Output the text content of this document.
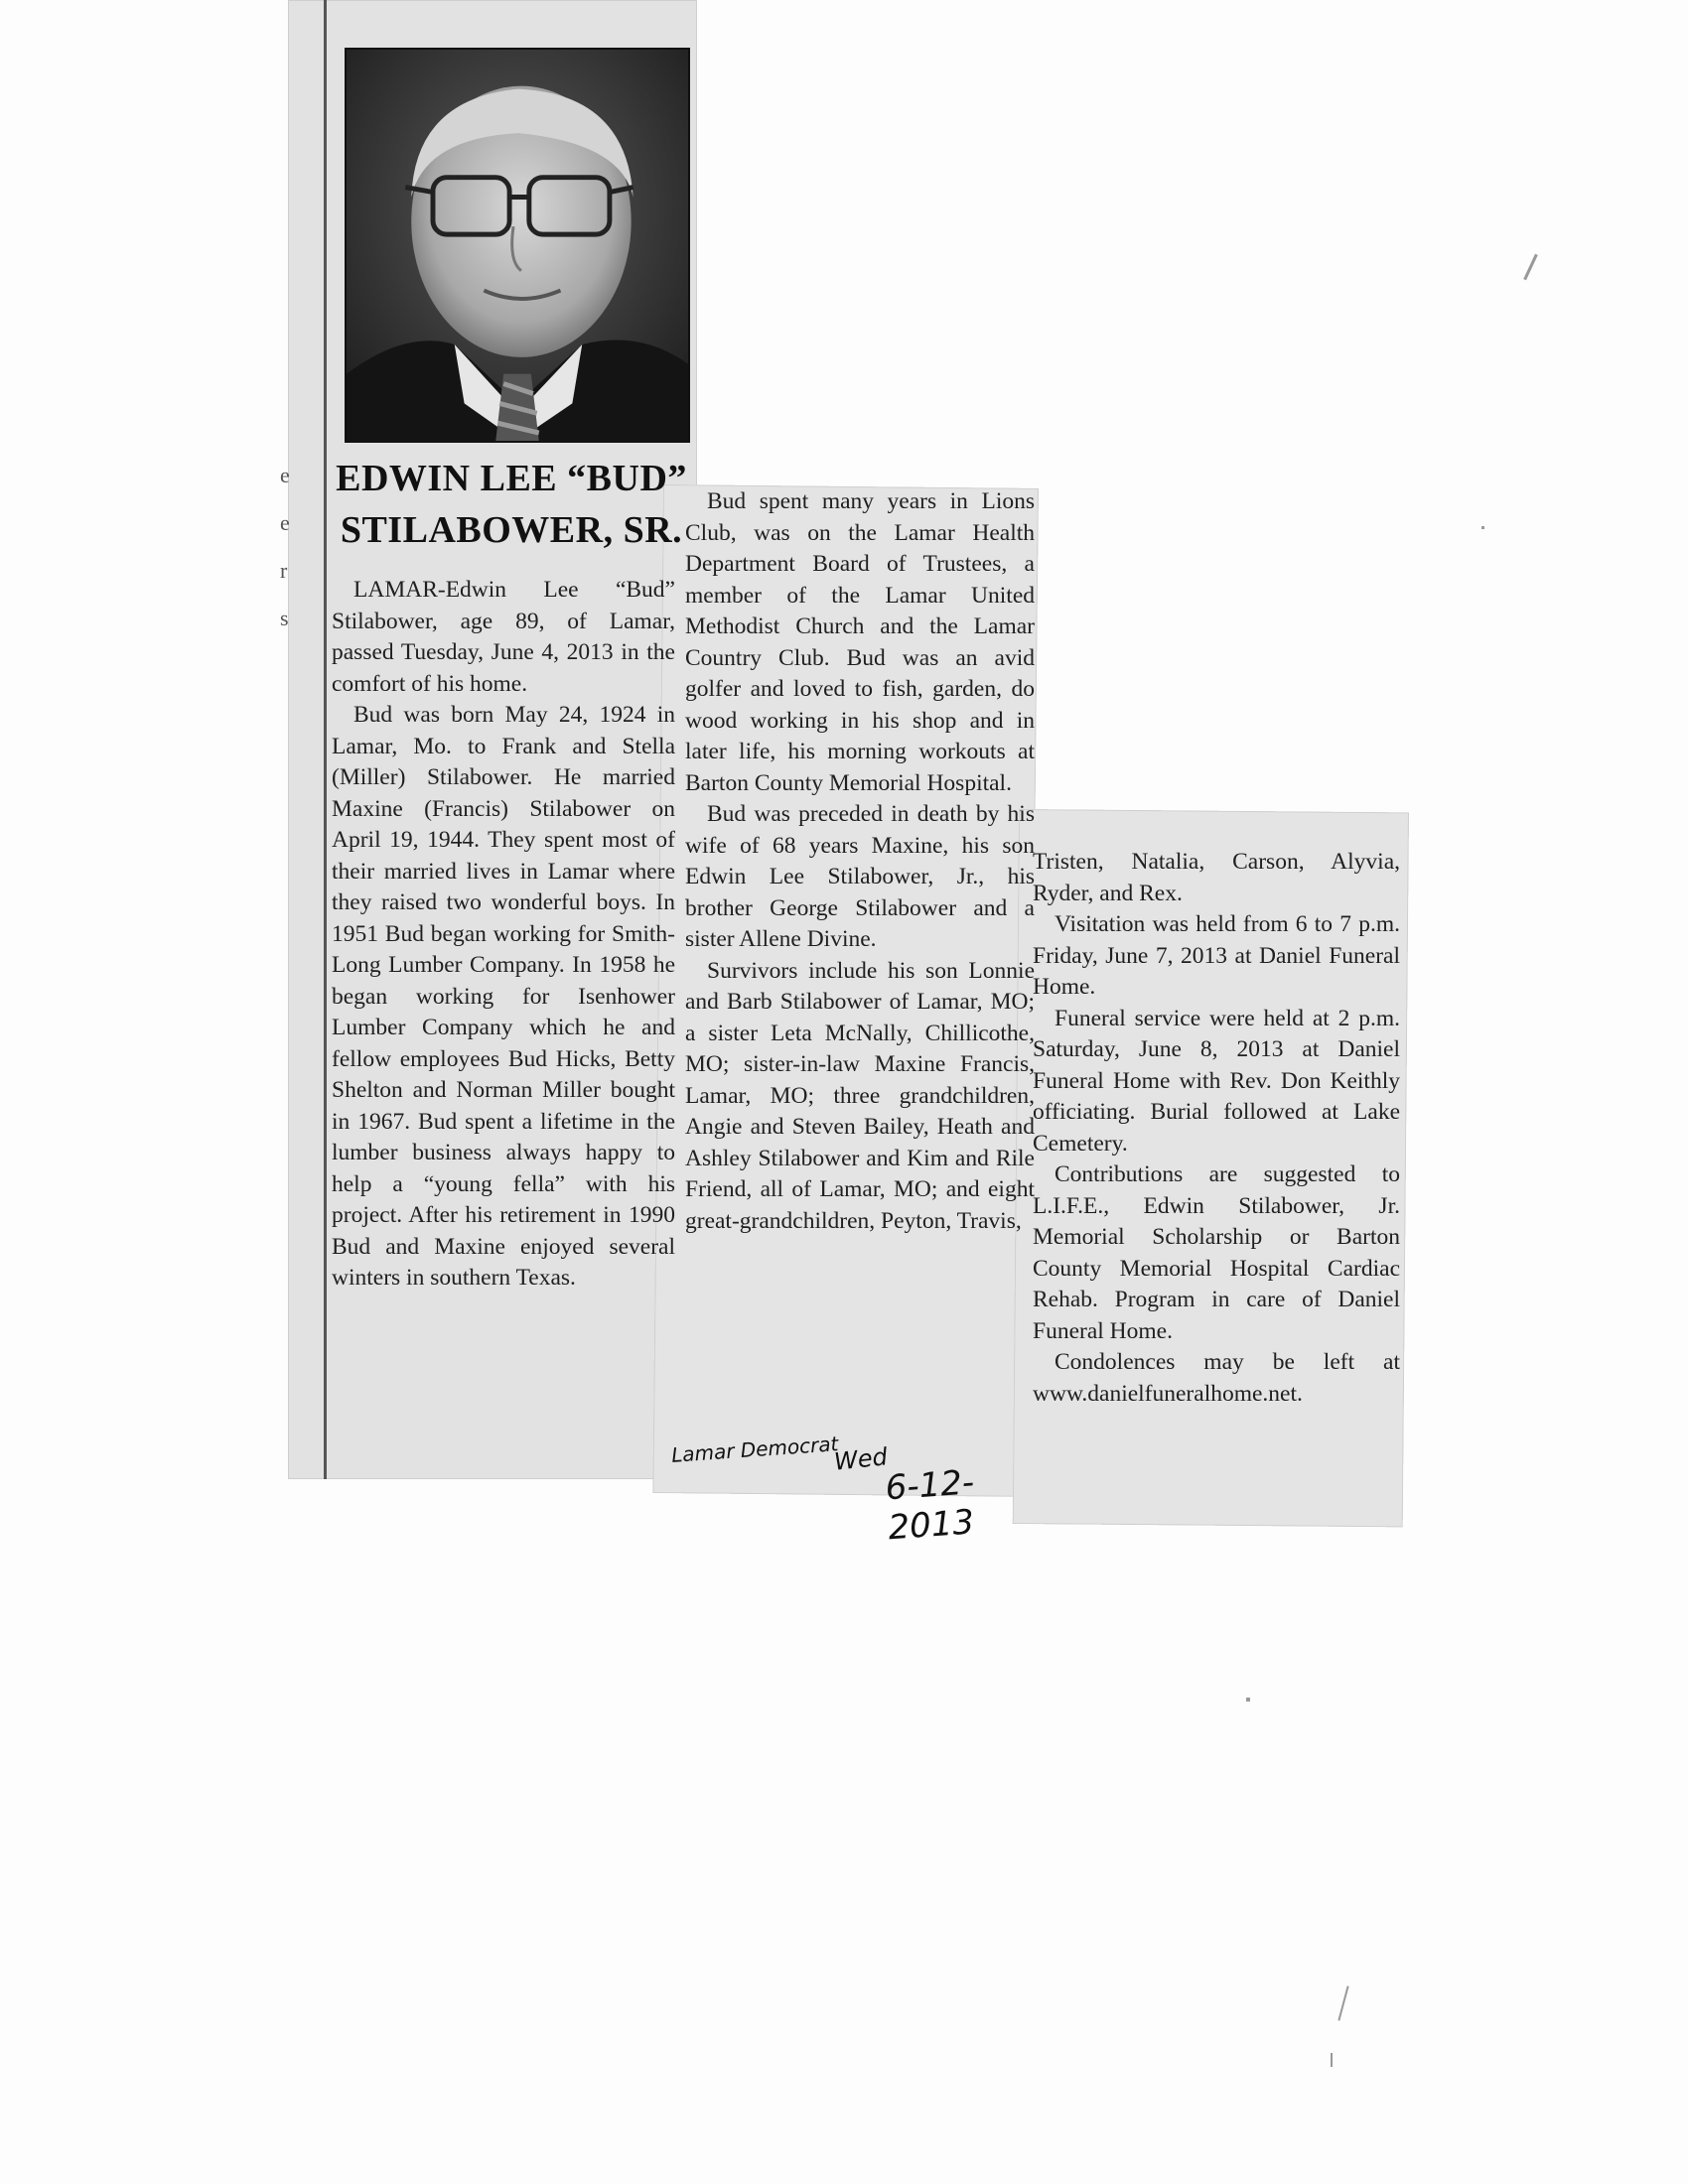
e
e
r
s
EDWIN LEE “BUD”
STILABOWER, SR.

LAMAR-Edwin Lee “Bud” Stilabower, age 89, of Lamar, passed Tuesday, June 4, 2013 in the comfort of his home.

Bud was born May 24, 1924 in Lamar, Mo. to Frank and Stella (Miller) Stilabower. He married Maxine (Francis) Stilabower on April 19, 1944. They spent most of their married lives in Lamar where they raised two wonderful boys. In 1951 Bud began working for Smith-Long Lumber Company. In 1958 he began working for Isenhower Lumber Company which he and fellow employees Bud Hicks, Betty Shelton and Norman Miller bought in 1967. Bud spent a lifetime in the lumber business always happy to help a “young fella” with his project. After his retirement in 1990 Bud and Maxine enjoyed several winters in southern Texas.

Bud spent many years in Lions Club, was on the Lamar Health Department Board of Trustees, a member of the Lamar United Methodist Church and the Lamar Country Club. Bud was an avid golfer and loved to fish, garden, do wood working in his shop and in later life, his morning workouts at Barton County Memorial Hospital.

Bud was preceded in death by his wife of 68 years Maxine, his son Edwin Lee Stilabower, Jr., his brother George Stilabower and a sister Allene Divine.

Survivors include his son Lonnie and Barb Stilabower of Lamar, MO; a sister Leta McNally, Chillicothe, MO; sister-in-law Maxine Francis, Lamar, MO; three grandchildren, Angie and Steven Bailey, Heath and Ashley Stilabower and Kim and Rile Friend, all of Lamar, MO; and eight great-grandchildren, Peyton, Travis,

Tristen, Natalia, Carson, Alyvia, Ryder, and Rex.

Visitation was held from 6 to 7 p.m. Friday, June 7, 2013 at Daniel Funeral Home.

Funeral service were held at 2 p.m. Saturday, June 8, 2013 at Daniel Funeral Home with Rev. Don Keithly officiating. Burial followed at Lake Cemetery.

Contributions are suggested to L.I.F.E., Edwin Stilabower, Jr. Memorial Scholarship or Barton County Memorial Hospital Cardiac Rehab. Program in care of Daniel Funeral Home.

Condolences may be left at www.danielfuneralhome.net.

Lamar Democrat
Wed
6-12-2013
